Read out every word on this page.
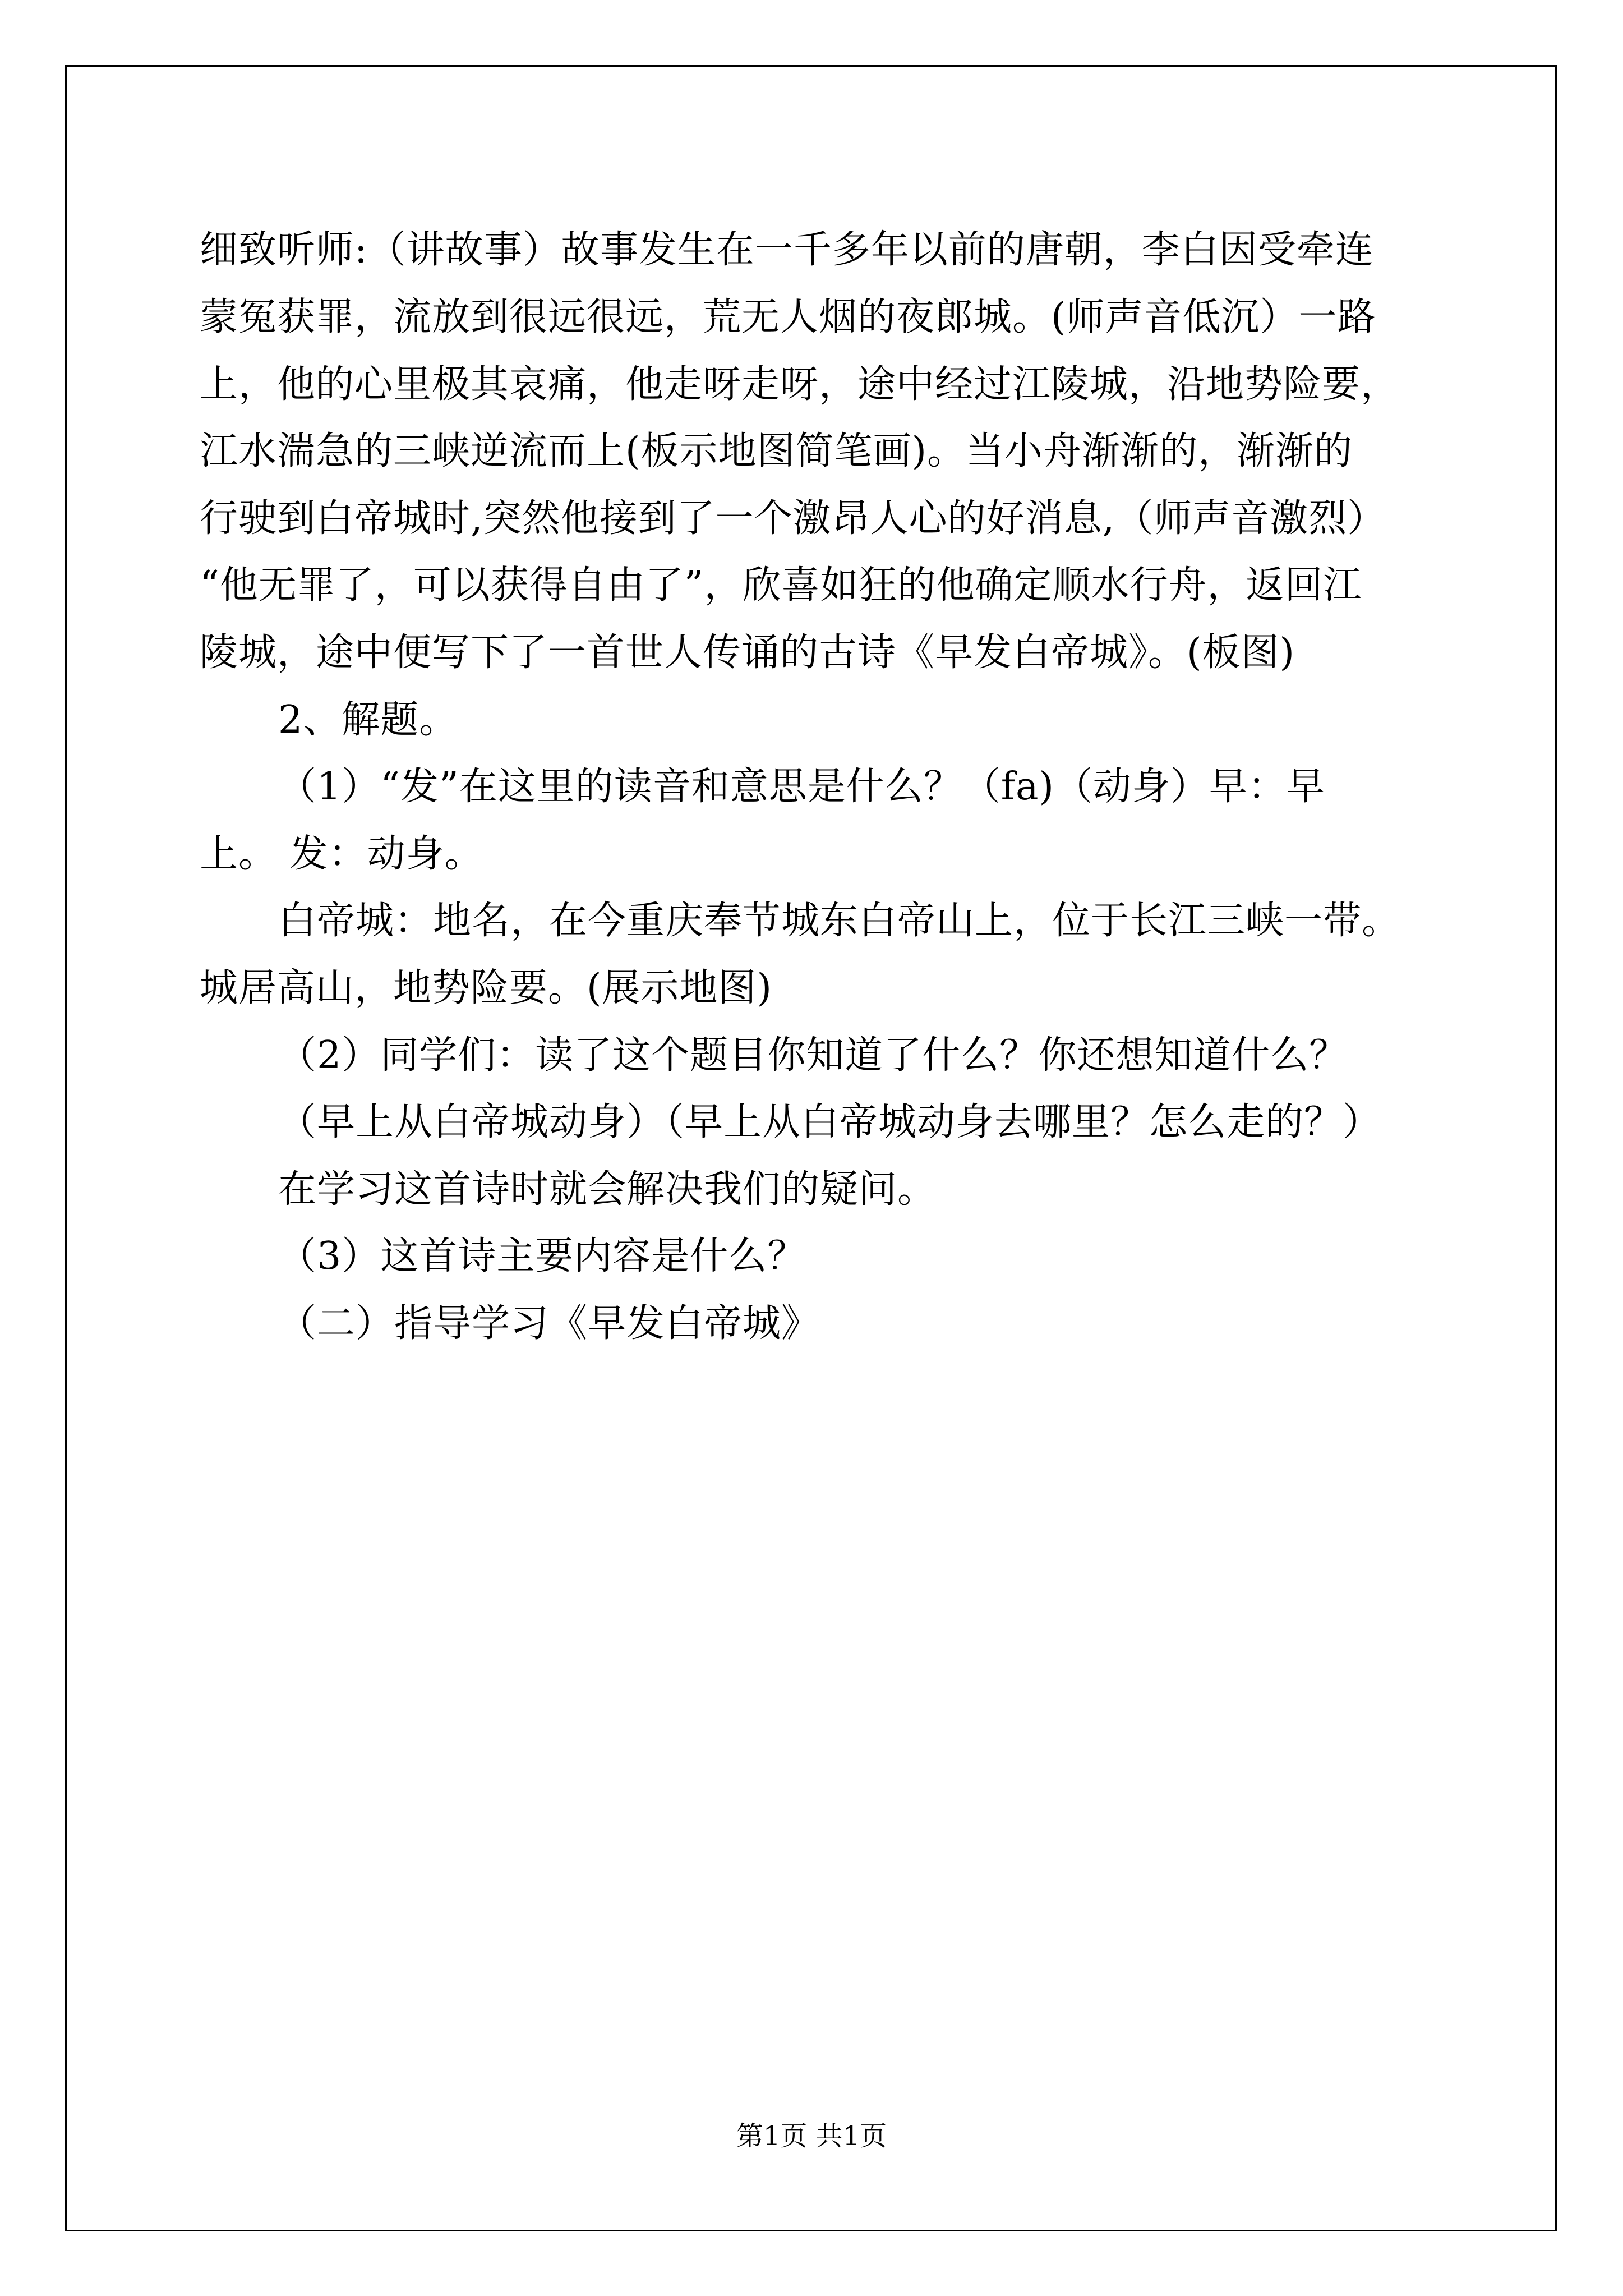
细致听师:（讲故事）故事发生在一千多年以前的唐朝，李白因受牵连
蒙冤获罪，流放到很远很远，荒无人烟的夜郎城。(师声音低沉）一路
上，他的心里极其哀痛，他走呀走呀，途中经过江陵城，沿地势险要，
江水湍急的三峡逆流而上(板示地图简笔画)。当小舟渐渐的，渐渐的
行驶到白帝城时,突然他接到了一个激昂人心的好消息,（师声音激烈）
“他无罪了，可以获得自由了”，欣喜如狂的他确定顺水行舟，返回江
陵城，途中便写下了一首世人传诵的古诗《早发白帝城》。(板图)
2、解题。
（1）“发”在这里的读音和意思是什么？（fa)（动身）早：早
上。 发：动身。
白帝城：地名，在今重庆奉节城东白帝山上，位于长江三峡一带。
城居高山，地势险要。(展示地图)
（2）同学们：读了这个题目你知道了什么？你还想知道什么？
（早上从白帝城动身）（早上从白帝城动身去哪里？怎么走的？）
在学习这首诗时就会解决我们的疑问。
（3）这首诗主要内容是什么？
（二）指导学习《早发白帝城》
第1页 共1页
